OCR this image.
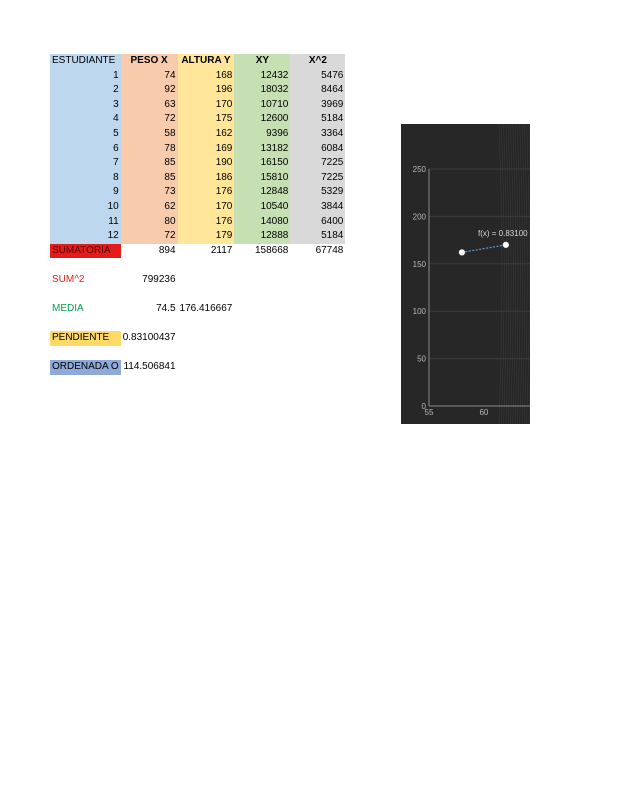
ESTUDIANTE	PESO X	ALTURA Y	XY	X^2
1	74	168	12432	5476
2	92	196	18032	8464
3	63	170	10710	3969
4	72	175	12600	5184
5	58	162	9396	3364
6	78	169	13182	6084
7	85	190	16150	7225
8	85	186	15810	7225
9	73	176	12848	5329
10	62	170	10540	3844
11	80	176	14080	6400
12	72	179	12888	5184
SUMATORIA	894	2117	158668	67748

SUM^2	799236			

MEDIA	74.5	176.416667		

PENDIENTE	0.83100437			

ORDENADA O	114.506841			
250
200
150
100
50
0
55	60
f(x) = 0.83100
